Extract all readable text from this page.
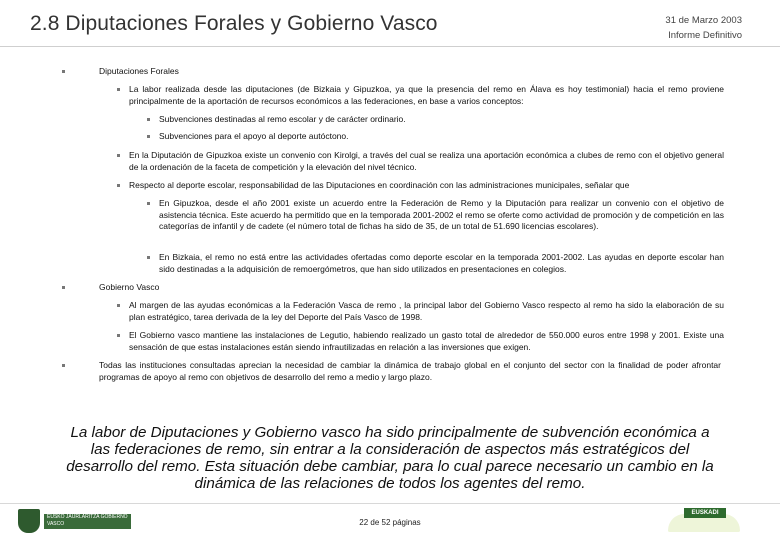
2.8 Diputaciones Forales y Gobierno Vasco	31 de Marzo 2003
Informe Definitivo
Diputaciones Forales
La labor realizada desde las diputaciones (de Bizkaia y Gipuzkoa, ya que la presencia del remo en Álava es hoy testimonial) hacia el remo proviene principalmente de la aportación de recursos económicos a las federaciones, en base a varios conceptos:
Subvenciones destinadas al remo escolar y de carácter ordinario.
Subvenciones para el apoyo al deporte autóctono.
En la Diputación de Gipuzkoa existe un convenio con Kirolgi, a través del cual se realiza una aportación económica a clubes de remo con el objetivo general de la ordenación de la faceta de competición y la elevación del nivel técnico.
Respecto al deporte escolar, responsabilidad de las Diputaciones en coordinación con las administraciones municipales, señalar que
En Gipuzkoa, desde el año 2001 existe un acuerdo entre la Federación de Remo y la Diputación para realizar un convenio con el objetivo de asistencia técnica. Este acuerdo ha permitido que en la temporada 2001-2002 el remo se oferte como actividad de promoción y de competición en las categorías de infantil y de cadete (el número total de fichas ha sido de 35, de un total de 51.690 licencias escolares).
En Bizkaia, el remo no está entre las actividades ofertadas como deporte escolar en la temporada 2001-2002. Las ayudas en deporte escolar han sido destinadas a la adquisición de remoergómetros, que han sido utilizados en presentaciones en colegios.
Gobierno Vasco
Al margen de las ayudas económicas a la Federación Vasca de remo , la principal labor del Gobierno Vasco respecto al remo ha sido la elaboración de su plan estratégico, tarea derivada de la ley del Deporte del País Vasco de 1998.
El Gobierno vasco mantiene las instalaciones de Legutio, habiendo realizado un gasto total de alrededor de 550.000 euros entre 1998 y 2001. Existe una sensación de que estas instalaciones están siendo infrautilizadas en relación a las inversiones que exigen.
Todas las instituciones consultadas aprecian la necesidad de cambiar la dinámica de trabajo global en el conjunto del sector con la finalidad de poder afrontar programas de apoyo al remo con objetivos de desarrollo del remo a medio y largo plazo.
La labor de Diputaciones y Gobierno vasco ha sido principalmente de subvención económica a las federaciones de remo, sin entrar a la consideración de aspectos más estratégicos del desarrollo del remo. Esta situación debe cambiar, para lo cual parece necesario un cambio en la dinámica de las relaciones de todos los agentes del remo.
EUSKO JAURLARITZA GOBIERNO VASCO	22 de 52 páginas
EUSKADI
